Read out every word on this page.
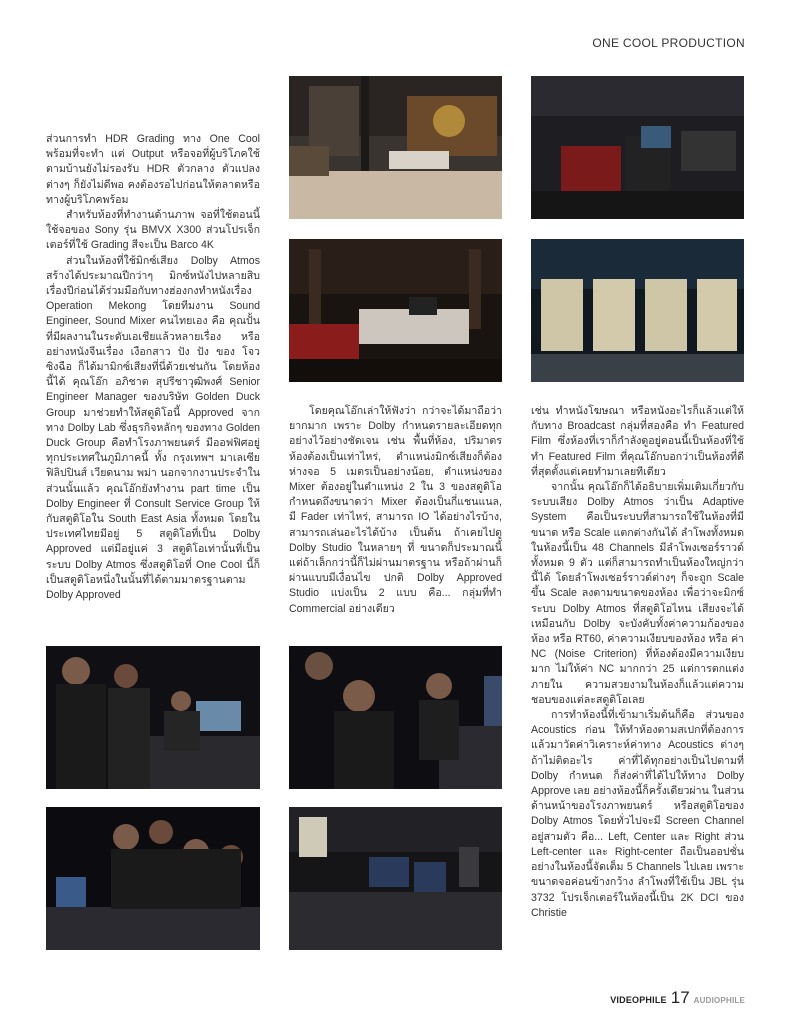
ONE COOL PRODUCTION

ส่วนการทำ HDR Grading ทาง One Cool พร้อมที่จะทำ แต่ Output หรือจอที่ผู้บริโภคใช้ตามบ้านยังไม่รองรับ HDR ตัวกลาง ตัวแปลงต่างๆ ก็ยังไม่ดีพอ คงต้องรอไปก่อนให้ตลาดหรือทางผู้บริโภคพร้อม

สำหรับห้องที่ทำงานด้านภาพ จอที่ใช้ตอนนี้ใช้จอของ Sony รุ่น BMVX X300 ส่วนโปรเจ็กเตอร์ที่ใช้ Grading สีจะเป็น Barco 4K

ส่วนในห้องที่ใช้มิกซ์เสียง Dolby Atmos สร้างได้ประมาณปีกว่าๆ มิกซ์หนังไปหลายสิบเรื่องปีก่อนได้ร่วมมือกับทางฮ่องกงทำหนังเรื่อง Operation Mekong โดยทีมงาน Sound Engineer, Sound Mixer คนไทยเอง คือ คุณปั้น ที่มีผลงานในระดับเอเชียแล้วหลายเรื่อง หรืออย่างหนังจีนเรื่อง เงือกสาว ปัง ปัง ของ โจว ซิงฉือ ก็ได้มามิกซ์เสียงที่นี่ด้วยเช่นกัน โดยห้องนี้ได้ คุณโอ๊ก อภิชาต สุปรีชาวุฒิพงศ์ Senior Engineer Manager ของบริษัท Golden Duck Group มาช่วยทำให้สตูดิโอนี้ Approved จากทาง Dolby Lab ซึ่งธุรกิจหลักๆ ของทาง Golden Duck Group คือทำโรงภาพยนตร์ มีออฟฟิศอยู่ทุกประเทศในภูมิภาคนี้ ทั้ง กรุงเทพฯ มาเลเซีย ฟิลิปปินส์ เวียดนาม พม่า นอกจากงานประจำในส่วนนั้นแล้ว คุณโอ๊กยังทำงาน part time เป็น Dolby Engineer ที่ Consult Service Group ให้กับสตูดิโอใน South East Asia ทั้งหมด โดยในประเทศไทยมีอยู่ 5 สตูดิโอที่เป็น Dolby Approved แต่มีอยู่แค่ 3 สตูดิโอเท่านั้นที่เป็นระบบ Dolby Atmos ซึ่งสตูดิโอที่ One Cool นี้ก็เป็นสตูดิโอหนึ่งในนั้นที่ได้ตามมาตรฐานตาม Dolby Approved

โดยคุณโอ๊กเล่าให้ฟังว่า กว่าจะได้มาถือว่ายากมาก เพราะ Dolby กำหนดรายละเอียดทุกอย่างไว้อย่างชัดเจน เช่น พื้นที่ห้อง, ปริมาตรห้องต้องเป็นเท่าไหร่, ตำแหน่งมิกซ์เสียงก็ต้องห่างจอ 5 เมตรเป็นอย่างน้อย, ตำแหน่งของ Mixer ต้องอยู่ในตำแหน่ง 2 ใน 3 ของสตูดิโอ กำหนดถึงขนาดว่า Mixer ต้องเป็นกี่แชนแนล, มี Fader เท่าไหร่, สามารถ IO ได้อย่างไรบ้าง, สามารถเล่นอะไรได้บ้าง เป็นต้น ถ้าเคยไปดู Dolby Studio ในหลายๆ ที่ ขนาดก็ประมาณนี้ แต่ถ้าเล็กกว่านี้ก็ไม่ผ่านมาตรฐาน หรือถ้าผ่านก็ผ่านแบบมีเงื่อนไข ปกติ Dolby Approved Studio แบ่งเป็น 2 แบบ คือ... กลุ่มที่ทำ Commercial อย่างเดียว

เช่น ทำหนังโฆษณา หรือหนังอะไรก็แล้วแต่ให้กับทาง Broadcast กลุ่มที่สองคือ ทำ Featured Film ซึ่งห้องที่เราก็กำลังดูอยู่ตอนนี้เป็นห้องที่ใช้ทำ Featured Film ที่คุณโอ๊กบอกว่าเป็นห้องที่ดีที่สุดตั้งแต่เคยทำมาเลยทีเดียว

จากนั้น คุณโอ๊กก็ได้อธิบายเพิ่มเติมเกี่ยวกับระบบเสียง Dolby Atmos ว่าเป็น Adaptive System คือเป็นระบบที่สามารถใช้ในห้องที่มีขนาด หรือ Scale แตกต่างกันได้ ลำโพงทั้งหมดในห้องนี้เป็น 48 Channels มีลำโพงเซอร์ราวด์ทั้งหมด 9 ตัว แต่ก็สามารถทำเป็นห้องใหญ่กว่านี้ได้ โดยลำโพงเซอร์ราวด์ต่างๆ ก็จะถูก Scale ขึ้น Scale ลงตามขนาดของห้อง เพื่อว่าจะมิกซ์ระบบ Dolby Atmos ที่สตูดิโอไหน เสียงจะได้เหมือนกับ Dolby จะบังคับทั้งค่าความก้องของห้อง หรือ RT60, ค่าความเงียบของห้อง หรือ ค่า NC (Noise Criterion) ที่ห้องต้องมีความเงียบมาก ไม่ให้ค่า NC มากกว่า 25 แต่การตกแต่งภายใน ความสวยงามในห้องก็แล้วแต่ความชอบของแต่ละสตูดิโอเลย

การทำห้องนี้ที่เข้ามาเริ่มต้นก็คือ ส่วนของ Acoustics ก่อน ให้ทำห้องตามสเปกที่ต้องการแล้วมาวัดค่าวิเคราะห์ค่าทาง Acoustics ต่างๆ ถ้าไม่ติดอะไร ค่าที่ได้ทุกอย่างเป็นไปตามที่ Dolby กำหนด ก็ส่งค่าที่ได้ไปให้ทาง Dolby Approve เลย อย่างห้องนี้ก็ครั้งเดียวผ่าน ในส่วนด้านหน้าของโรงภาพยนตร์ หรือสตูดิโอของ Dolby Atmos โดยทั่วไปจะมี Screen Channel อยู่สามตัว คือ... Left, Center และ Right ส่วน Left-center และ Right-center ถือเป็นออปชั่น อย่างในห้องนี้จัดเต็ม 5 Channels ไปเลย เพราะขนาดจอค่อนข้างกว้าง ลำโพงที่ใช้เป็น JBL รุ่น 3732 โปรเจ็กเตอร์ในห้องนี้เป็น 2K DCI ของ Christie

VIDEOPHILE 17 AUDIOPHILE
